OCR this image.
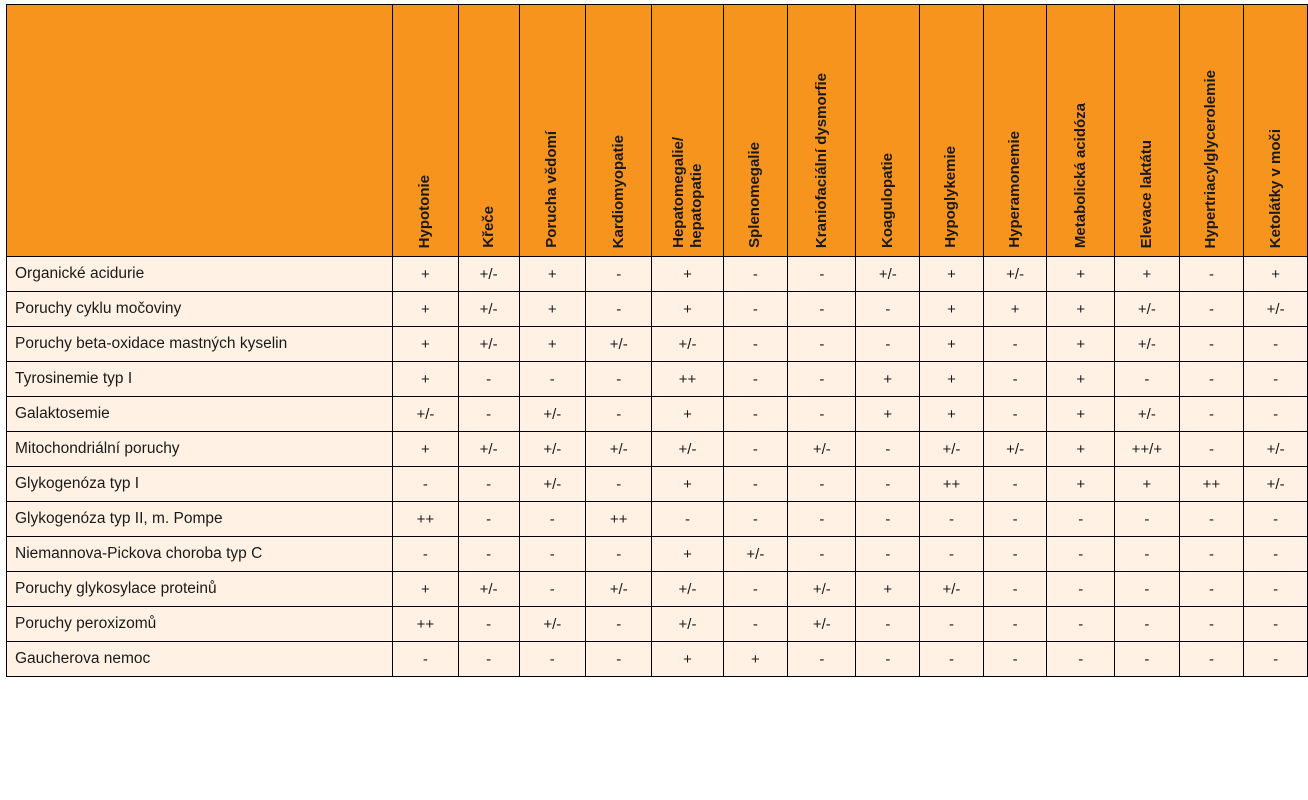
	Hypotonie	Křeče	Porucha vědomí	Kardiomyopatie	Hepatomegalie/
hepatopatie	Splenomegalie	Kraniofaciální dysmorfie	Koagulopatie	Hypoglykemie	Hyperamonemie	Metabolická acidóza	Elevace laktátu	Hypertriacylglycerolemie	Ketolátky v moči

Organické acidurie	+	+/-	+	-	+	-	-	+/-	+	+/-	+	+	-	+
Poruchy cyklu močoviny	+	+/-	+	-	+	-	-	-	+	+	+	+/-	-	+/-
Poruchy beta-oxidace mastných kyselin	+	+/-	+	+/-	+/-	-	-	-	+	-	+	+/-	-	-
Tyrosinemie typ I	+	-	-	-	++	-	-	+	+	-	+	-	-	-
Galaktosemie	+/-	-	+/-	-	+	-	-	+	+	-	+	+/-	-	-
Mitochondriální poruchy	+	+/-	+/-	+/-	+/-	-	+/-	-	+/-	+/-	+	++/+	-	+/-
Glykogenóza typ I	-	-	+/-	-	+	-	-	-	++	-	+	+	++	+/-
Glykogenóza typ II, m. Pompe	++	-	-	++	-	-	-	-	-	-	-	-	-	-
Niemannova-Pickova choroba typ C	-	-	-	-	+	+/-	-	-	-	-	-	-	-	-
Poruchy glykosylace proteinů	+	+/-	-	+/-	+/-	-	+/-	+	+/-	-	-	-	-	-
Poruchy peroxizomů	++	-	+/-	-	+/-	-	+/-	-	-	-	-	-	-	-
Gaucherova nemoc	-	-	-	-	+	+	-	-	-	-	-	-	-	-
